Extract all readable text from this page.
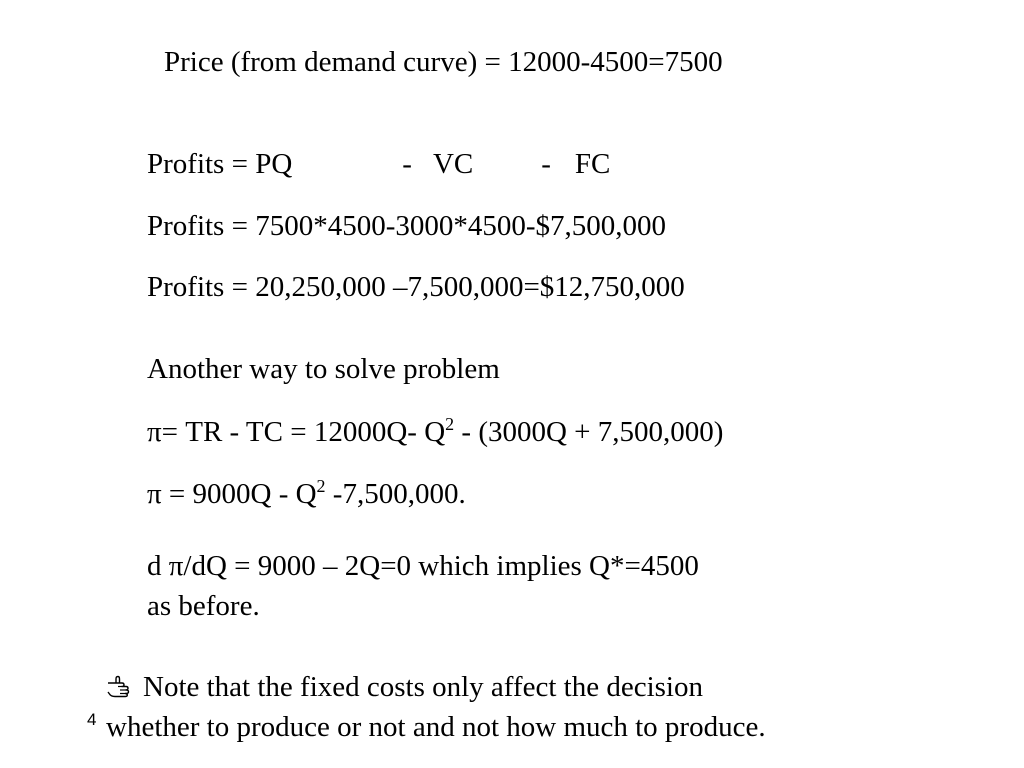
Price (from demand curve) = 12000-4500=7500
Profits = PQ	- VC - FC
Profits = 7500*4500-3000*4500-$7,500,000
Profits = 20,250,000 –7,500,000=$12,750,000
Another way to solve problem
π= TR - TC = 12000Q- $Q^2 - (3000Q + 7,500,000)$
$\pi = 9000Q - Q^2$ -7,500,000.
d π/dQ = 9000 – 2Q=0 which implies Q*=4500
as before.
Note that the fixed costs only affect the decision
4 whether to produce or not and not how much to produce.
